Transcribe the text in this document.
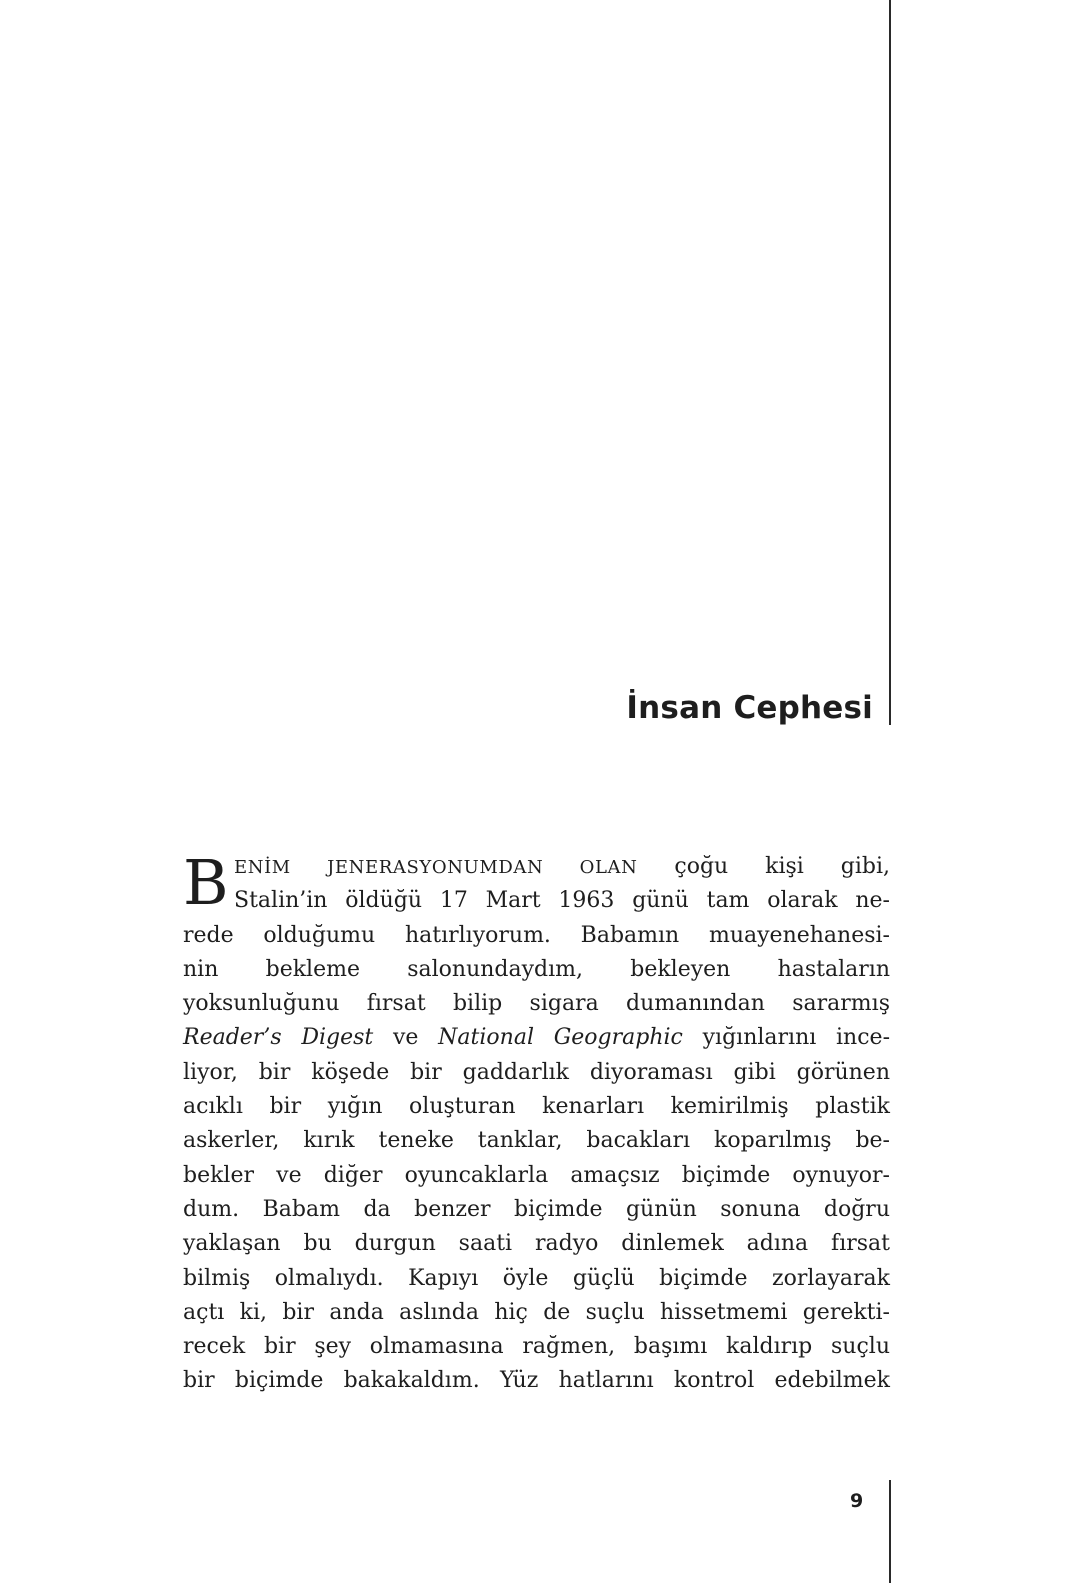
İnsan Cephesi
B ENİM JENERASYONUMDAN OLAN çoğu kişi gibi,
Stalin’in öldüğü 17 Mart 1963 günü tam olarak ne-
rede olduğumu hatırlıyorum. Babamın muayenehanesi-
nin bekleme salonundaydım, bekleyen hastaların
yoksunluğunu fırsat bilip sigara dumanından sararmış
Reader’s Digest ve National Geographic yığınlarını ince-
liyor, bir köşede bir gaddarlık diyoraması gibi görünen
acıklı bir yığın oluşturan kenarları kemirilmiş plastik
askerler, kırık teneke tanklar, bacakları koparılmış be-
bekler ve diğer oyuncaklarla amaçsız biçimde oynuyor-
dum. Babam da benzer biçimde günün sonuna doğru
yaklaşan bu durgun saati radyo dinlemek adına fırsat
bilmiş olmalıydı. Kapıyı öyle güçlü biçimde zorlayarak
açtı ki, bir anda aslında hiç de suçlu hissetmemi gerekti-
recek bir şey olmamasına rağmen, başımı kaldırıp suçlu
bir biçimde bakakaldım. Yüz hatlarını kontrol edebilmek
9
